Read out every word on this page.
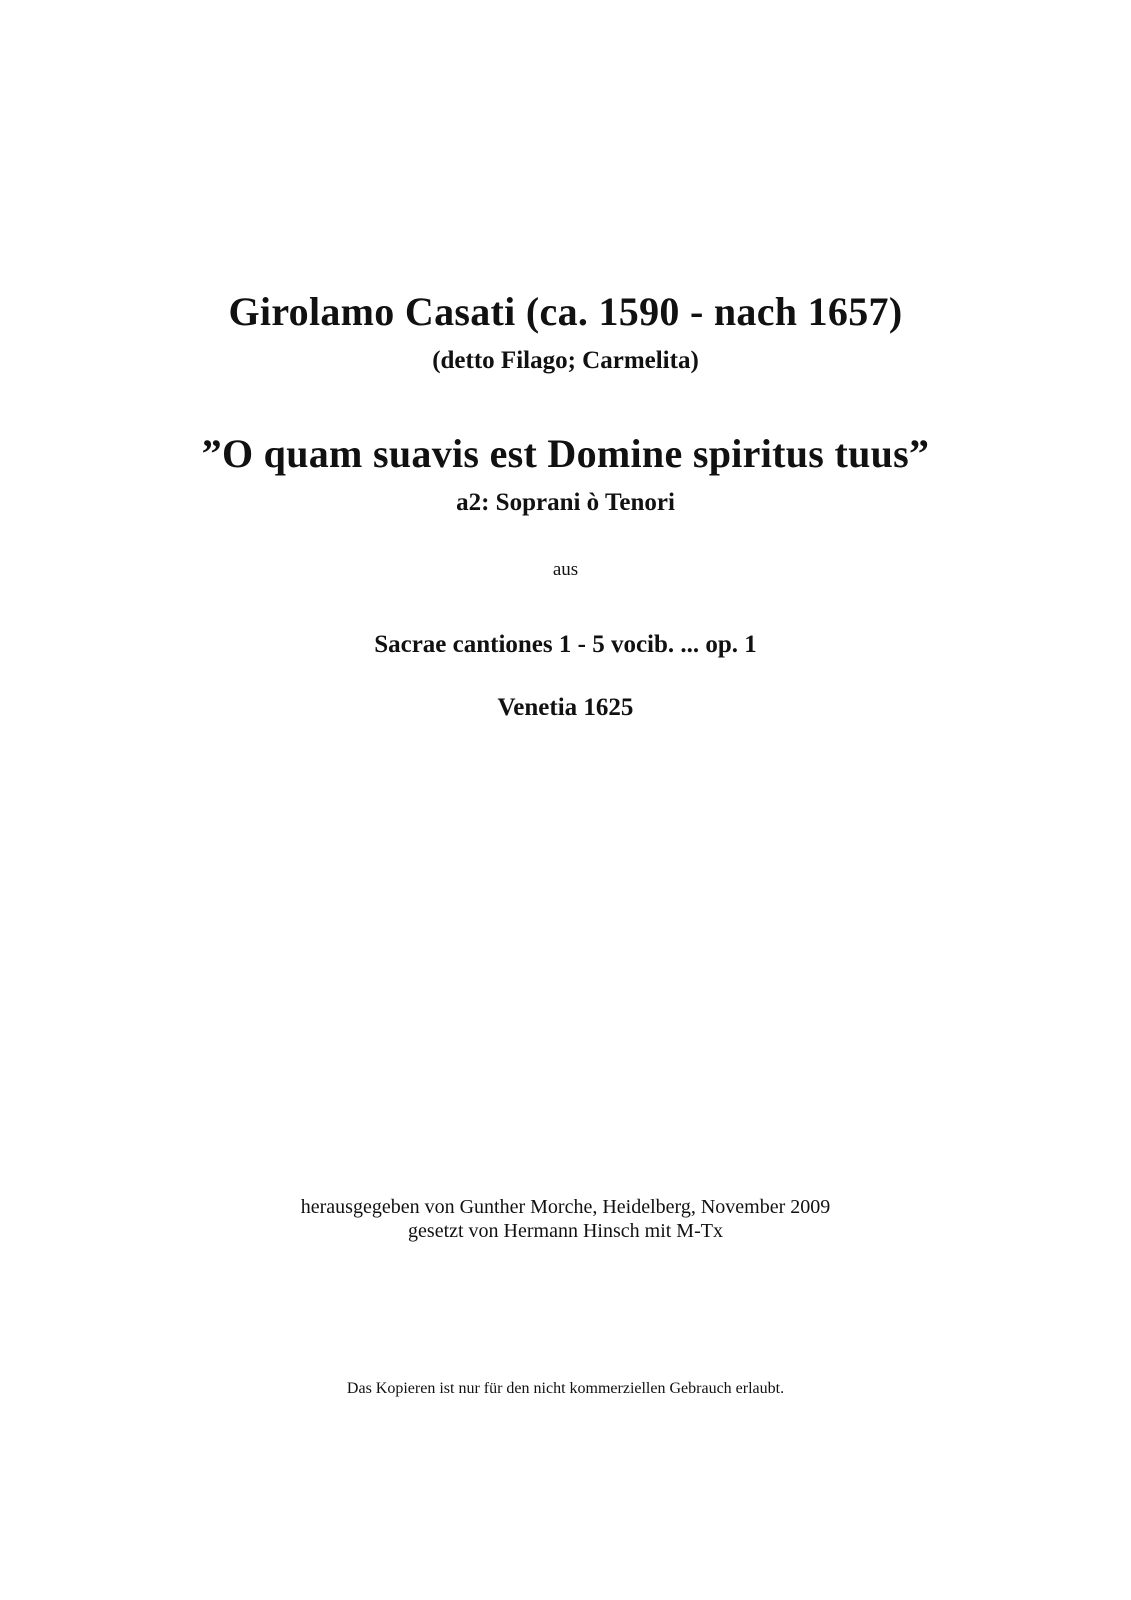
Girolamo Casati (ca. 1590 - nach 1657)
(detto Filago; Carmelita)
”O quam suavis est Domine spiritus tuus”
a2: Soprani ò Tenori
aus
Sacrae cantiones 1 - 5 vocib. ... op. 1
Venetia 1625
herausgegeben von Gunther Morche, Heidelberg, November 2009
gesetzt von Hermann Hinsch mit M-Tx
Das Kopieren ist nur für den nicht kommerziellen Gebrauch erlaubt.
